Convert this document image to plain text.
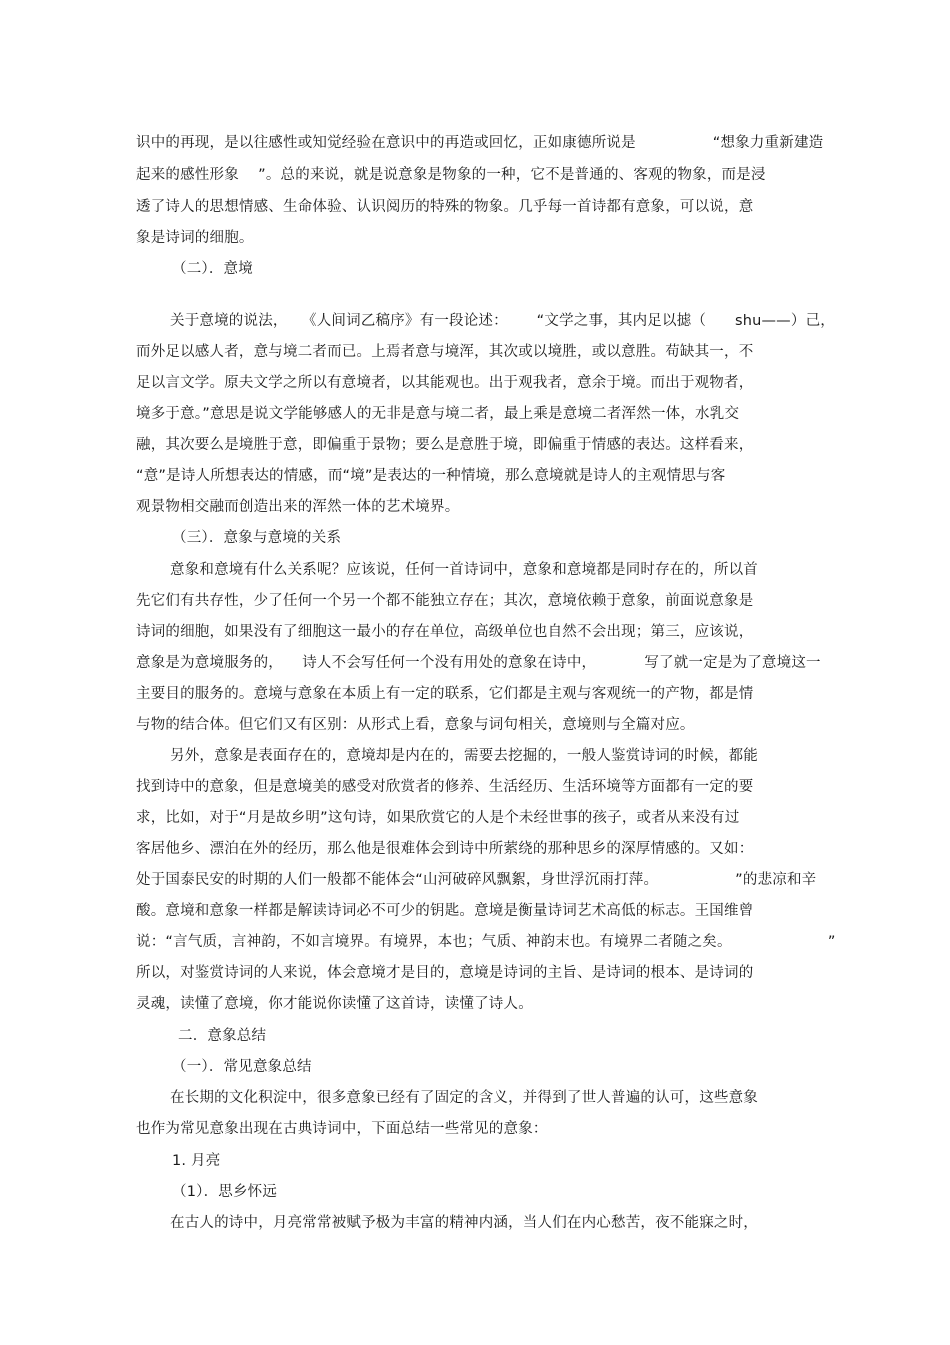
识中的再现，是以往感性或知觉经验在意识中的再造或回忆，正如康德所说是                “想象力重新建造
起来的感性形象    ”。总的来说，就是说意象是物象的一种，它不是普通的、客观的物象，而是浸
透了诗人的思想情感、生命体验、认识阅历的特殊的物象。几乎每一首诗都有意象，可以说，意
象是诗词的细胞。
（二）．意境
关于意境的说法，   《人间词乙稿序》有一段论述：      “文学之事，其内足以摅（      shu——）己，
而外足以感人者，意与境二者而已。上焉者意与境浑，其次或以境胜，或以意胜。苟缺其一，不
足以言文学。原夫文学之所以有意境者，以其能观也。出于观我者，意余于境。而出于观物者，
境多于意。”意思是说文学能够感人的无非是意与境二者，最上乘是意境二者浑然一体，水乳交
融，其次要么是境胜于意，即偏重于景物；要么是意胜于境，即偏重于情感的表达。这样看来，
“意”是诗人所想表达的情感，而“境”是表达的一种情境，那么意境就是诗人的主观情思与客
观景物相交融而创造出来的浑然一体的艺术境界。
（三）．意象与意境的关系
意象和意境有什么关系呢？应该说，任何一首诗词中，意象和意境都是同时存在的，所以首
先它们有共存性，少了任何一个另一个都不能独立存在；其次，意境依赖于意象，前面说意象是
诗词的细胞，如果没有了细胞这一最小的存在单位，高级单位也自然不会出现；第三，应该说，
意象是为意境服务的，    诗人不会写任何一个没有用处的意象在诗中，          写了就一定是为了意境这一
主要目的服务的。意境与意象在本质上有一定的联系，它们都是主观与客观统一的产物，都是情
与物的结合体。但它们又有区别：从形式上看，意象与词句相关，意境则与全篇对应。
另外，意象是表面存在的，意境却是内在的，需要去挖掘的，一般人鉴赏诗词的时候，都能
找到诗中的意象，但是意境美的感受对欣赏者的修养、生活经历、生活环境等方面都有一定的要
求，比如，对于“月是故乡明”这句诗，如果欣赏它的人是个未经世事的孩子，或者从来没有过
客居他乡、漂泊在外的经历，那么他是很难体会到诗中所萦绕的那种思乡的深厚情感的。又如：
处于国泰民安的时期的人们一般都不能体会“山河破碎风飘絮，身世浮沉雨打萍。                ”的悲凉和辛
酸。意境和意象一样都是解读诗词必不可少的钥匙。意境是衡量诗词艺术高低的标志。王国维曾
说：“言气质，言神韵，不如言境界。有境界，本也；气质、神韵末也。有境界二者随之矣。                    ”
所以，对鉴赏诗词的人来说，体会意境才是目的，意境是诗词的主旨、是诗词的根本、是诗词的
灵魂，读懂了意境，你才能说你读懂了这首诗，读懂了诗人。
二．意象总结
（一）．常见意象总结
在长期的文化积淀中，很多意象已经有了固定的含义，并得到了世人普遍的认可，这些意象
也作为常见意象出现在古典诗词中，下面总结一些常见的意象：
1. 月亮
（1）．思乡怀远
在古人的诗中，月亮常常被赋予极为丰富的精神内涵，当人们在内心愁苦，夜不能寐之时，
